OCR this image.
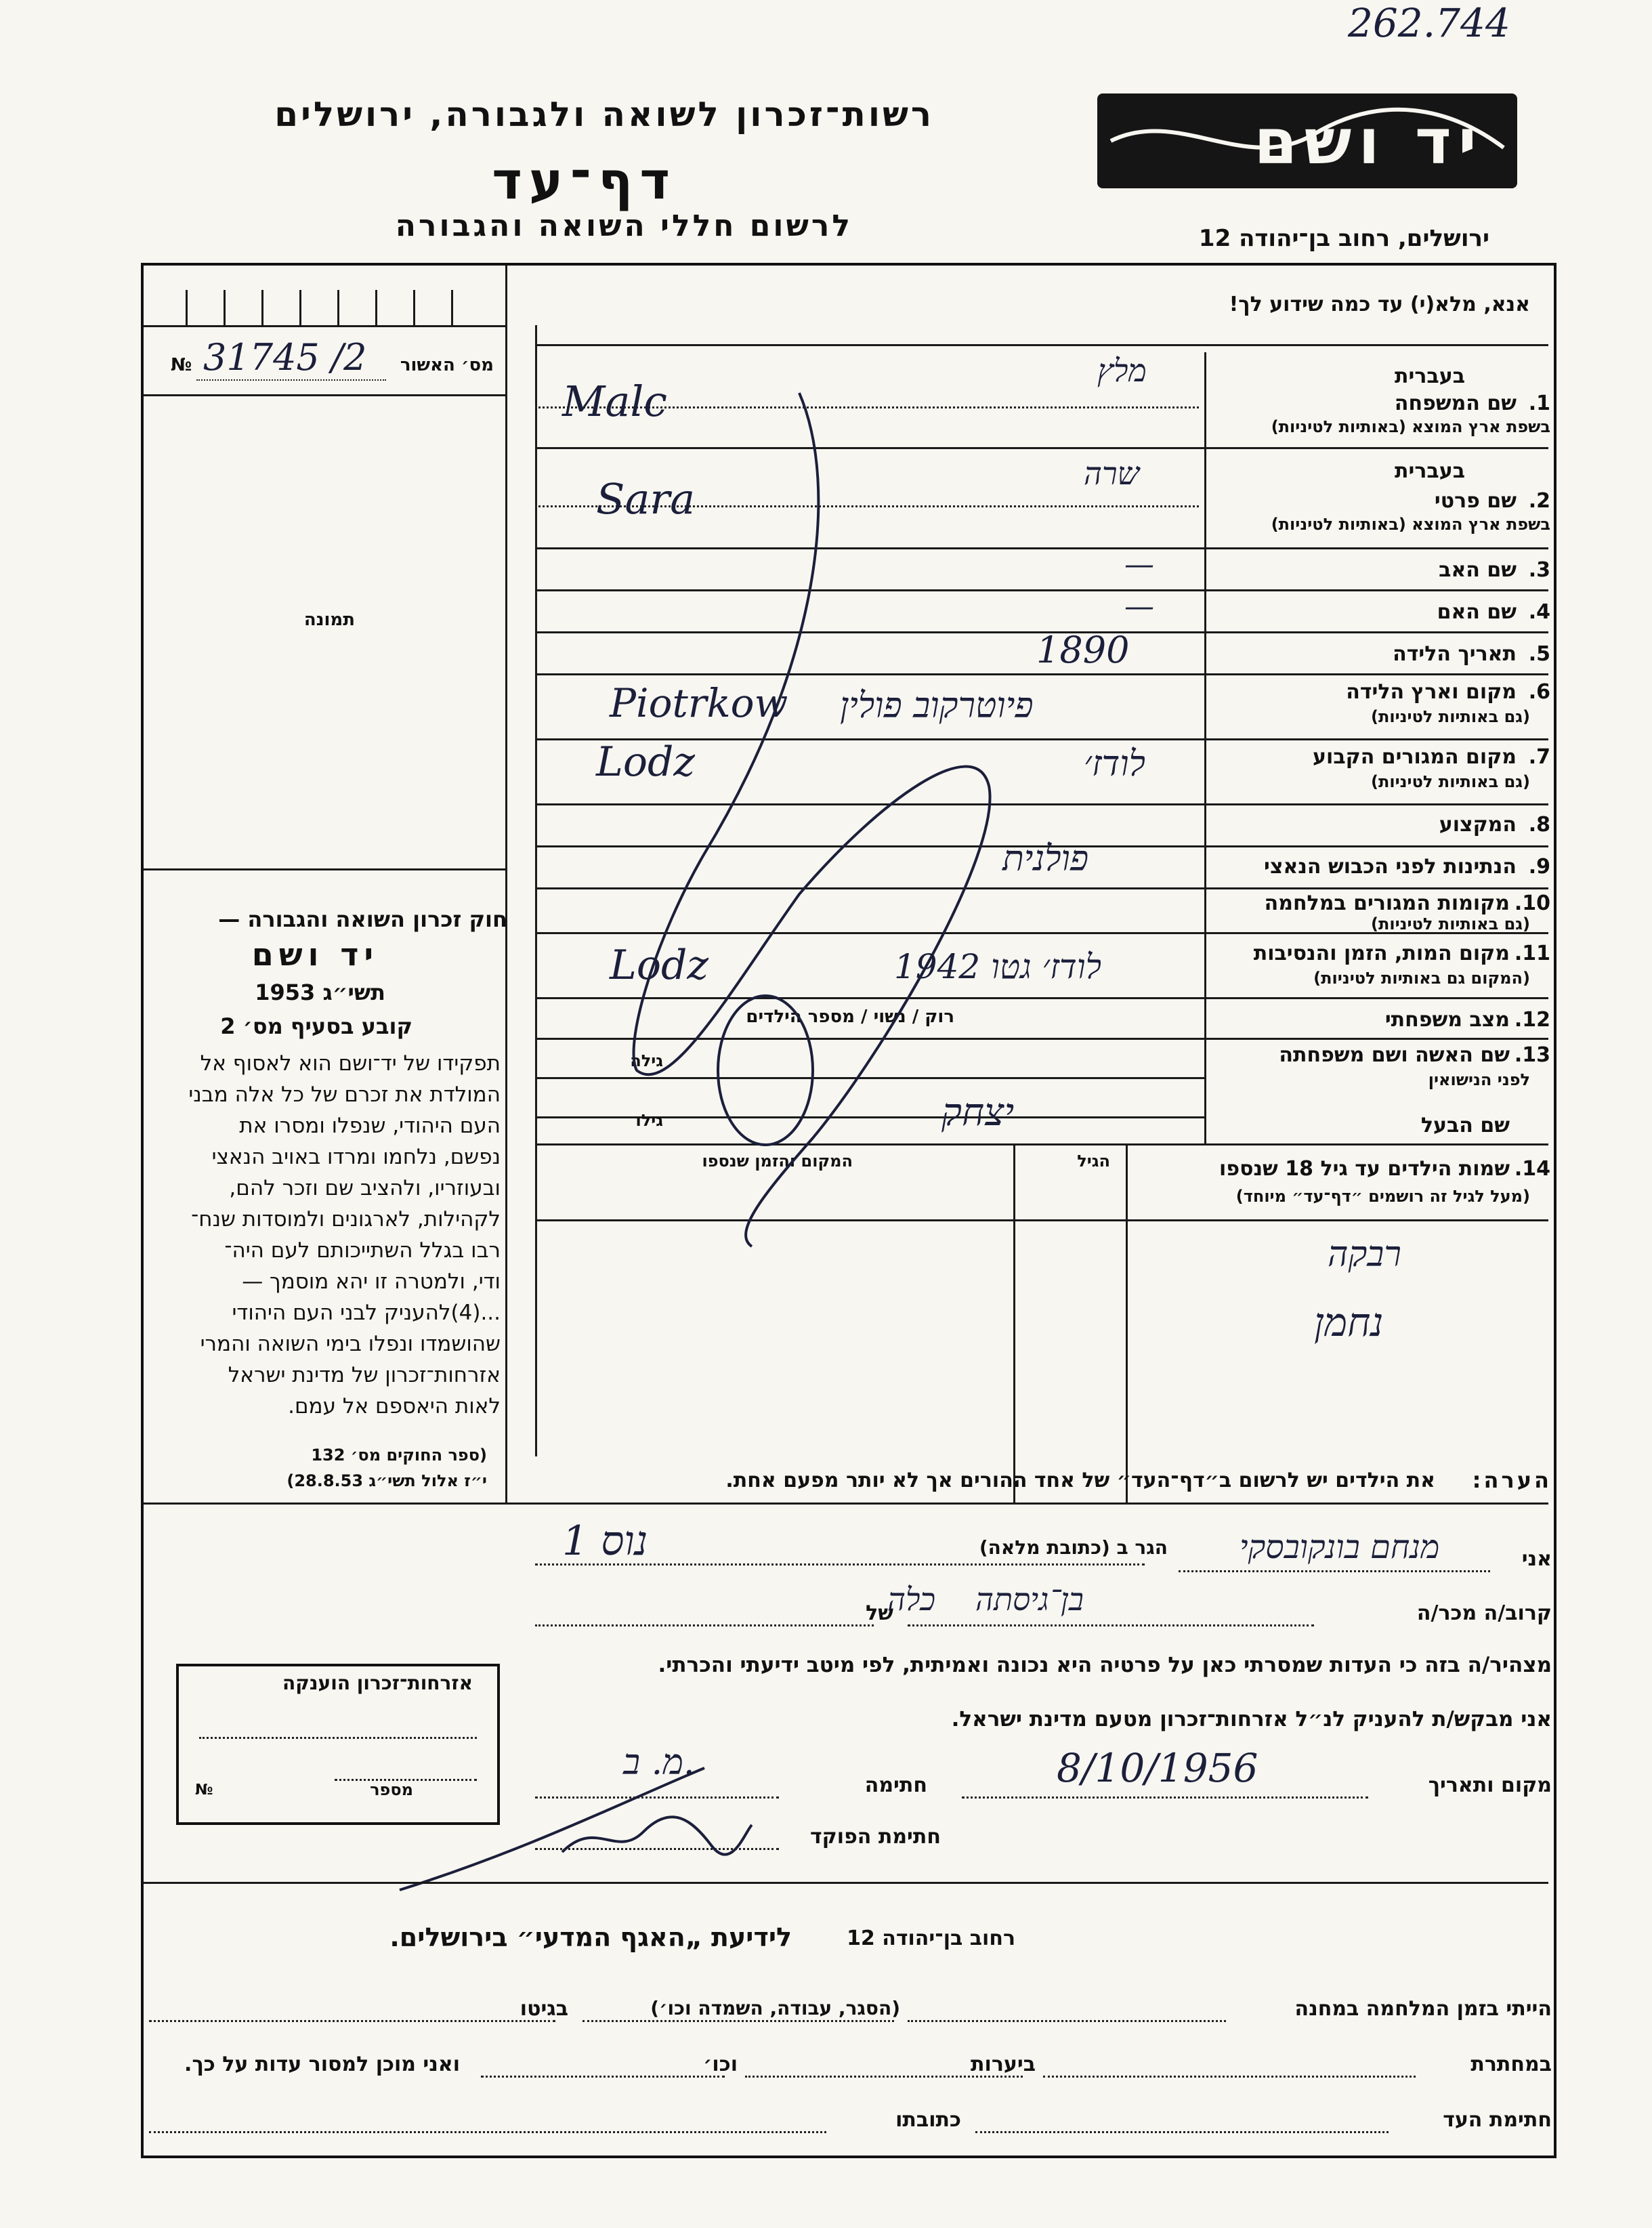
262.744
רשות־זכרון לשואה ולגבורה, ירושלים
דף־עד
לרשום חללי השואה והגבורה
יד ושם
ירושלים, רחוב בן־יהודה 12
מס׳ האשור
№ 31745 /2
תמונה
חוק זכרון השואה והגבורה —
יד ושם
תשי״ג 1953
קובע בסעיף מס׳ 2
תפקידו של יד־ושם הוא לאסוף אל
המולדת את זכרם של כל אלה מבני
העם היהודי, שנפלו ומסרו את
נפשם, נלחמו ומרדו באויב הנאצי
ובעוזריו, ולהציב שם וזכר להם,
לקהילות, לארגונים ולמוסדות שנח־
רבו בגלל השתייכותם לעם היה־
ודי, ולמטרה זו יהא מוסמך —
...(4)להעניק לבני העם היהודי
שהושמדו ונפלו בימי השואה והמרי
אזרחות־זכרון של מדינת ישראל
לאות היאספם אל עמם.
(ספר החוקים מס׳ 132
י״ז אלול תשי״ג 28.8.53)
אנא, מלא(י) עד כמה שידוע לך!
בעברית
1.
שם המשפחה
בשפת ארץ המוצא (באותיות לטיניות)
מלץ
Malc
בעברית
2.
שם פרטי
בשפת ארץ המוצא (באותיות לטיניות)
שרה
Sara
3.
שם האב
—
4.
שם האם
—
5.
תאריך הלידה
1890
6.
מקום וארץ הלידה
(גם באותיות לטיניות)
פיוטרקוב פולין
Piotrkow
7.
מקום המגורים הקבוע
(גם באותיות לטיניות)
לודז׳
Lodz
8.
המקצוע
9.
הנתינות לפני הכבוש הנאצי
פולנית
10.
מקומות המגורים במלחמה
(גם באותיות לטיניות)
11.
מקום המות, הזמן והנסיבות
(המקום גם באותיות לטיניות)
לודז׳ גטו 1942
Lodz
12.
מצב משפחתי
רוק / נשוי / מספר הילדים
13.
שם האשה ושם משפחתה
לפני הנישואין
גילה
גילו	שם הבעל
יצחק
14.
שמות הילדים עד גיל 18 שנספו
(מעל לגיל זה רושמים ״דף־עד״ מיוחד)
הגיל
המקום והזמן שנספו
רבקה
נחמן
הערה:
את הילדים יש לרשום ב״דף־העד״ של אחד ההורים אך לא יותר מפעם אחת.
אני
מנחם בונקובסקי
הגר ב (כתובת מלאה)
1 נוס
קרוב/ה מכר/ה
בן־גיסתה
של
כלה
מצהיר/ה בזה כי העדות שמסרתי כאן על פרטיה היא נכונה ואמיתית, לפי מיטב ידיעתי והכרתי.
אני מבקש/ת להעניק לנ״ל אזרחות־זכרון מטעם מדינת ישראל.
מקום ותאריך
8/10/1956
חתימה
מ. ב.
חתימת הפוקד
אזרחות־זכרון הוענקה
מספר
№
לידיעת „האגף המדעי״ בירושלים.	רחוב בן־יהודה 12
הייתי בזמן המלחמה במחנה
(הסגר, עבודה, השמדה וכו׳)
בגיטו
במחתרת
ביערות
וכו׳
ואני מוכן למסור עדות על כך.
חתימת העד
כתובתו
